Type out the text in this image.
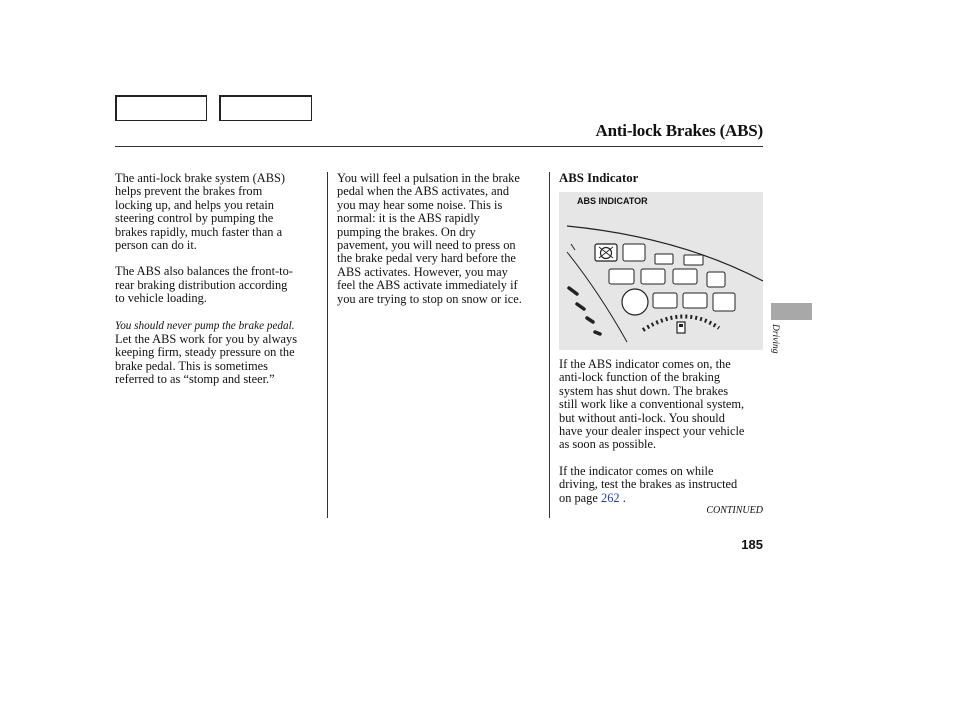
Anti-lock Brakes (ABS)

The anti-lock brake system (ABS)
helps prevent the brakes from
locking up, and helps you retain
steering control by pumping the
brakes rapidly, much faster than a
person can do it.

The ABS also balances the front-to-
rear braking distribution according
to vehicle loading.

You should never pump the brake pedal.

Let the ABS work for you by always
keeping firm, steady pressure on the
brake pedal. This is sometimes
referred to as “stomp and steer.”

You will feel a pulsation in the brake
pedal when the ABS activates, and
you may hear some noise. This is
normal: it is the ABS rapidly
pumping the brakes. On dry
pavement, you will need to press on
the brake pedal very hard before the
ABS activates. However, you may
feel the ABS activate immediately if
you are trying to stop on snow or ice.

ABS Indicator

ABS INDICATOR

If the ABS indicator comes on, the
anti-lock function of the braking
system has shut down. The brakes
still work like a conventional system,
but without anti-lock. You should
have your dealer inspect your vehicle
as soon as possible.

If the indicator comes on while
driving, test the brakes as instructed
on page 262 .

CONTINUED
185
Driving
